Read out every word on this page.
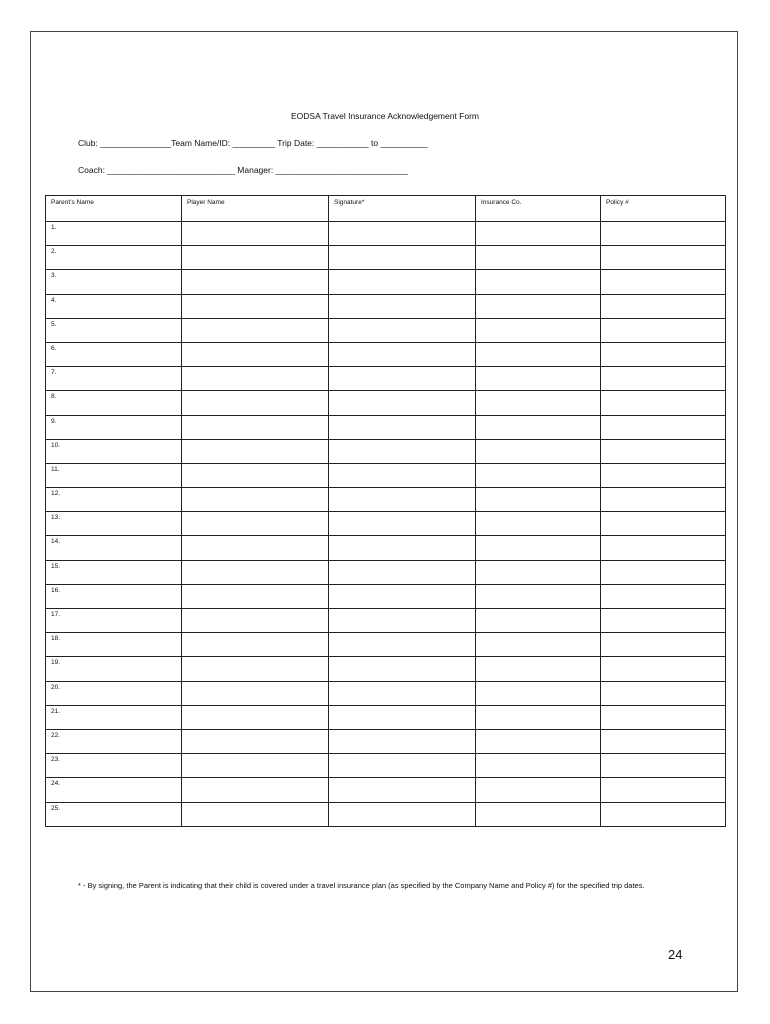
EODSA Travel Insurance Acknowledgement Form
Club: _______________Team Name/ID: _________ Trip Date: ___________ to __________
Coach: ___________________________ Manager: ____________________________
Parent’s Name	Player Name	Signature*	Insurance Co.	Policy #
1.				
2.				
3.				
4.				
5.				
6.				
7.				
8.				
9.				
10.				
11.				
12.				
13.				
14.				
15.				
16.				
17.				
18.				
19.				
20.				
21.				
22.				
23.				
24.				
25.				
* - By signing, the Parent is indicating that their child is covered under a travel insurance plan (as specified by the Company Name and Policy #) for the specified trip dates.
24
